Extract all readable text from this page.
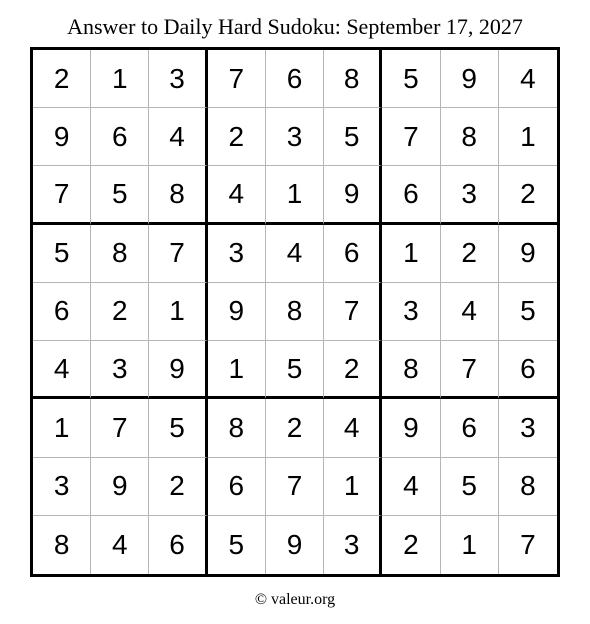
Answer to Daily Hard Sudoku: September 17, 2027
2	1	3	7	6	8	5	9	4
9	6	4	2	3	5	7	8	1
7	5	8	4	1	9	6	3	2
5	8	7	3	4	6	1	2	9
6	2	1	9	8	7	3	4	5
4	3	9	1	5	2	8	7	6
1	7	5	8	2	4	9	6	3
3	9	2	6	7	1	4	5	8
8	4	6	5	9	3	2	1	7
© valeur.org
